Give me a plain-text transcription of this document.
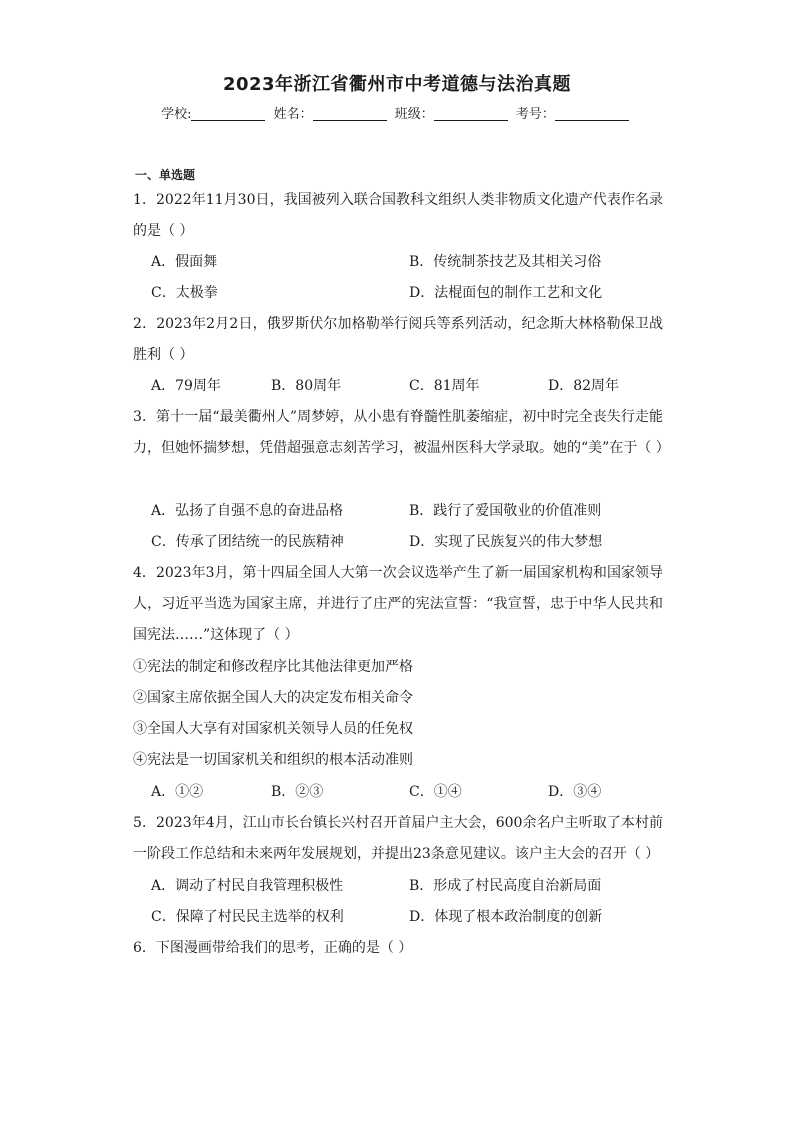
2023年浙江省衢州市中考道德与法治真题
学校:	姓名：	班级：	考号：
一、单选题
1．2022年11月30日，我国被列入联合国教科文组织人类非物质文化遗产代表作名录的是（ ）
A．假面舞	B．传统制茶技艺及其相关习俗
C．太极拳	D．法棍面包的制作工艺和文化
2．2023年2月2日，俄罗斯伏尔加格勒举行阅兵等系列活动，纪念斯大林格勒保卫战胜利（ ）
A．79周年	B．80周年	C．81周年	D．82周年
3．第十一届“最美衢州人”周梦婷，从小患有脊髓性肌萎缩症，初中时完全丧失行走能力，但她怀揣梦想，凭借超强意志刻苦学习，被温州医科大学录取。她的“美”在于（ ）
A．弘扬了自强不息的奋进品格	B．践行了爱国敬业的价值准则
C．传承了团结统一的民族精神	D．实现了民族复兴的伟大梦想
4．2023年3月，第十四届全国人大第一次会议选举产生了新一届国家机构和国家领导人，习近平当选为国家主席，并进行了庄严的宪法宣誓：“我宣誓，忠于中华人民共和国宪法……”这体现了（ ）
①宪法的制定和修改程序比其他法律更加严格
②国家主席依据全国人大的决定发布相关命令
③全国人大享有对国家机关领导人员的任免权
④宪法是一切国家机关和组织的根本活动准则
A．①②	B．②③	C．①④	D．③④
5．2023年4月，江山市长台镇长兴村召开首届户主大会，600余名户主听取了本村前一阶段工作总结和未来两年发展规划，并提出23条意见建议。该户主大会的召开（ ）
A．调动了村民自我管理积极性	B．形成了村民高度自治新局面
C．保障了村民民主选举的权利	D．体现了根本政治制度的创新
6．下图漫画带给我们的思考，正确的是（ ）
